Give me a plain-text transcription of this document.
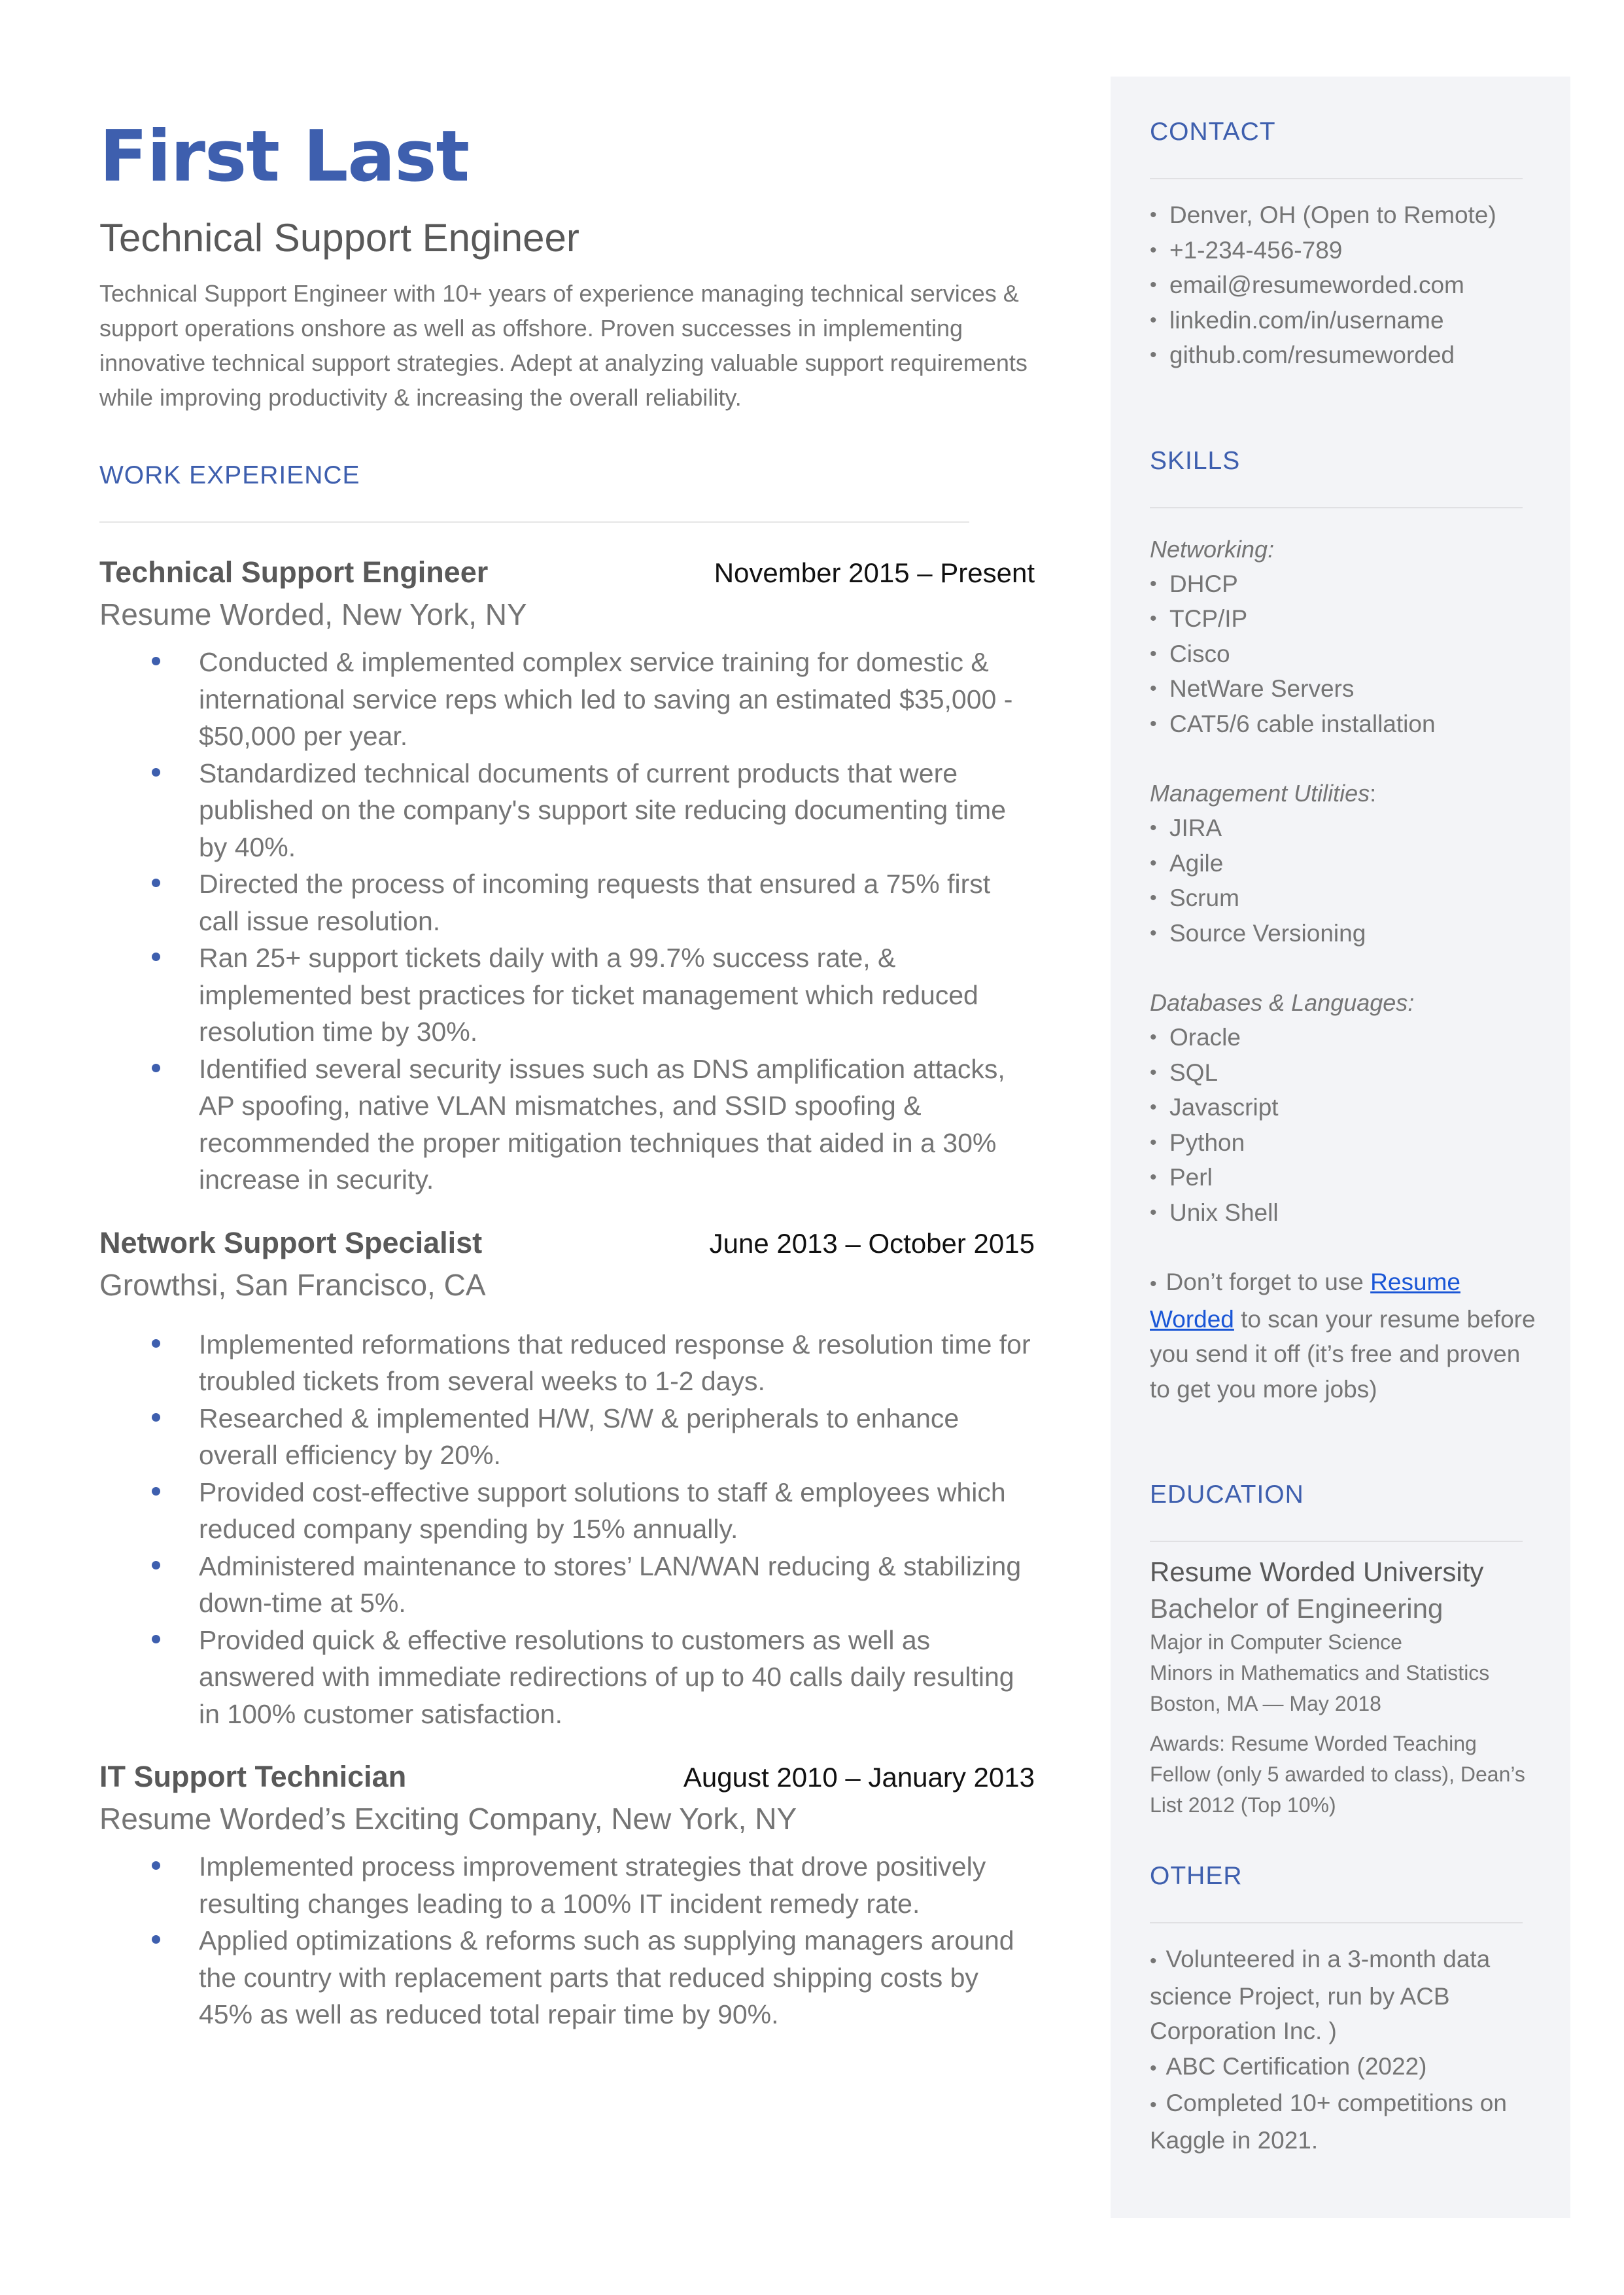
First Last
Technical Support Engineer

Technical Support Engineer with 10+ years of experience managing technical services & support operations onshore as well as offshore. Proven successes in implementing innovative technical support strategies. Adept at analyzing valuable support requirements while improving productivity & increasing the overall reliability.

WORK EXPERIENCE
Technical Support Engineer	November 2015 – Present
Resume Worded, New York, NY
Conducted & implemented complex service training for domestic & international service reps which led to saving an estimated $35,000 - $50,000 per year.
Standardized technical documents of current products that were published on the company's support site reducing documenting time by 40%.
Directed the process of incoming requests that ensured a 75% first call issue resolution.
Ran 25+ support tickets daily with a 99.7% success rate, & implemented best practices for ticket management which reduced resolution time by 30%.
Identified several security issues such as DNS amplification attacks, AP spoofing, native VLAN mismatches, and SSID spoofing & recommended the proper mitigation techniques that aided in a 30% increase in security.
Network Support Specialist	June 2013 – October 2015
Growthsi, San Francisco, CA
Implemented reformations that reduced response & resolution time for troubled tickets from several weeks to 1-2 days.
Researched & implemented H/W, S/W & peripherals to enhance overall efficiency by 20%.
Provided cost-effective support solutions to staff & employees which reduced company spending by 15% annually.
Administered maintenance to stores’ LAN/WAN reducing & stabilizing down-time at 5%.
Provided quick & effective resolutions to customers as well as answered with immediate redirections of up to 40 calls daily resulting in 100% customer satisfaction.
IT Support Technician	August 2010 – January 2013
Resume Worded’s Exciting Company, New York, NY
Implemented process improvement strategies that drove positively resulting changes leading to a 100% IT incident remedy rate.
Applied optimizations & reforms such as supplying managers around the country with replacement parts that reduced shipping costs by 45% as well as reduced total repair time by 90%.
CONTACT
• Denver, OH (Open to Remote)
• +1-234-456-789
• email@resumeworded.com
• linkedin.com/in/username
• github.com/resumeworded
SKILLS
Networking:
• DHCP
• TCP/IP
• Cisco
• NetWare Servers
• CAT5/6 cable installation
Management Utilities:
• JIRA
• Agile
• Scrum
• Source Versioning
Databases & Languages:
• Oracle
• SQL
• Javascript
• Python
• Perl
• Unix Shell

• Don’t forget to use Resume Worded to scan your resume before you send it off (it’s free and proven to get you more jobs)

EDUCATION
Resume Worded University
Bachelor of Engineering
Major in Computer Science
Minors in Mathematics and Statistics
Boston, MA — May 2018
Awards: Resume Worded Teaching Fellow (only 5 awarded to class), Dean’s List 2012 (Top 10%)
OTHER
• Volunteered in a 3-month data science Project, run by ACB Corporation Inc. )
• ABC Certification (2022)
• Completed 10+ competitions on Kaggle in 2021.
